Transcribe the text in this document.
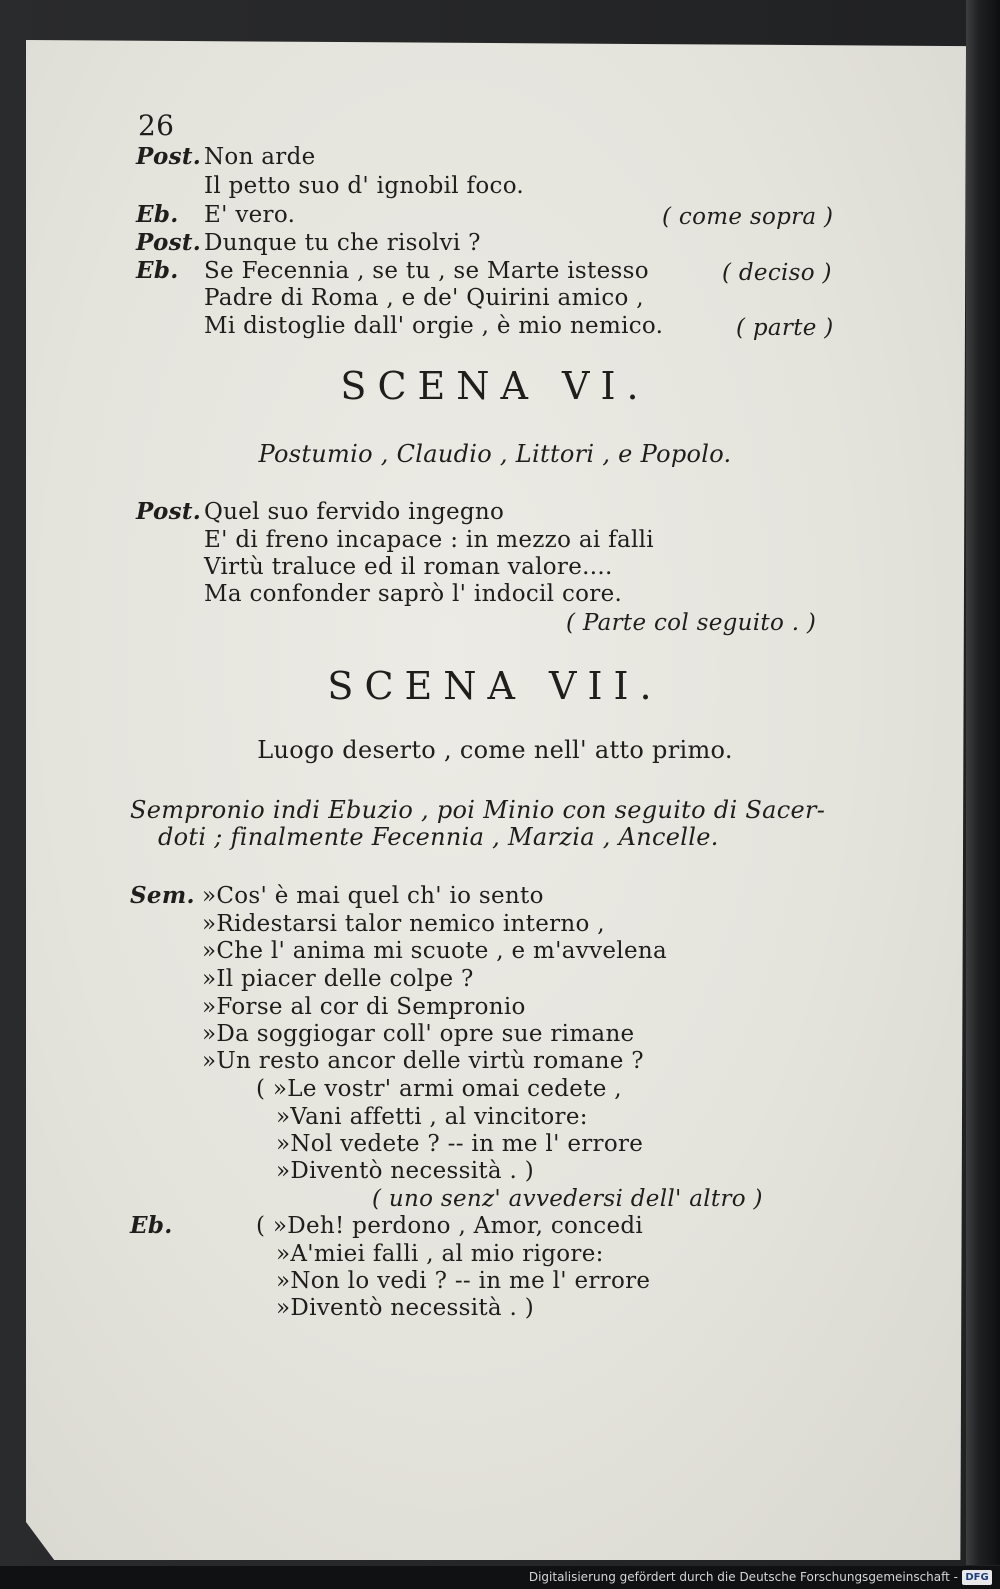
26
Post. Non arde
Il petto suo d' ignobil foco.
Eb. E' vero.	( come sopra )
Post. Dunque tu che risolvi ?
Eb. Se Fecennia , se tu , se Marte istesso	( deciso )
Padre di Roma , e de' Quirini amico ,
Mi distoglie dall' orgie , è mio nemico.	( parte )
SCENA VI.
Postumio , Claudio , Littori , e Popolo.
Post. Quel suo fervido ingegno
E' di freno incapace : in mezzo ai falli
Virtù traluce ed il roman valore....
Ma confonder saprò l' indocil core.
( Parte col seguito . )
SCENA VII.
Luogo deserto , come nell' atto primo.
Sempronio indi Ebuzio , poi Minio con seguito di Sacer-
doti ; finalmente Fecennia , Marzia , Ancelle.
Sem. »Cos' è mai quel ch' io sento
»Ridestarsi talor nemico interno ,
»Che l' anima mi scuote , e m'avvelena
»Il piacer delle colpe ?
»Forse al cor di Sempronio
»Da soggiogar coll' opre sue rimane
»Un resto ancor delle virtù romane ?
( »Le vostr' armi omai cedete ,
»Vani affetti , al vincitore:
»Nol vedete ? -- in me l' errore
»Diventò necessità . )
( uno senz' avvedersi dell' altro )
Eb.	( »Deh! perdono , Amor, concedi
»A'miei falli , al mio rigore:
»Non lo vedi ? -- in me l' errore
»Diventò necessità . )
Digitalisierung gefördert durch die Deutsche Forschungsgemeinschaft - DFG
